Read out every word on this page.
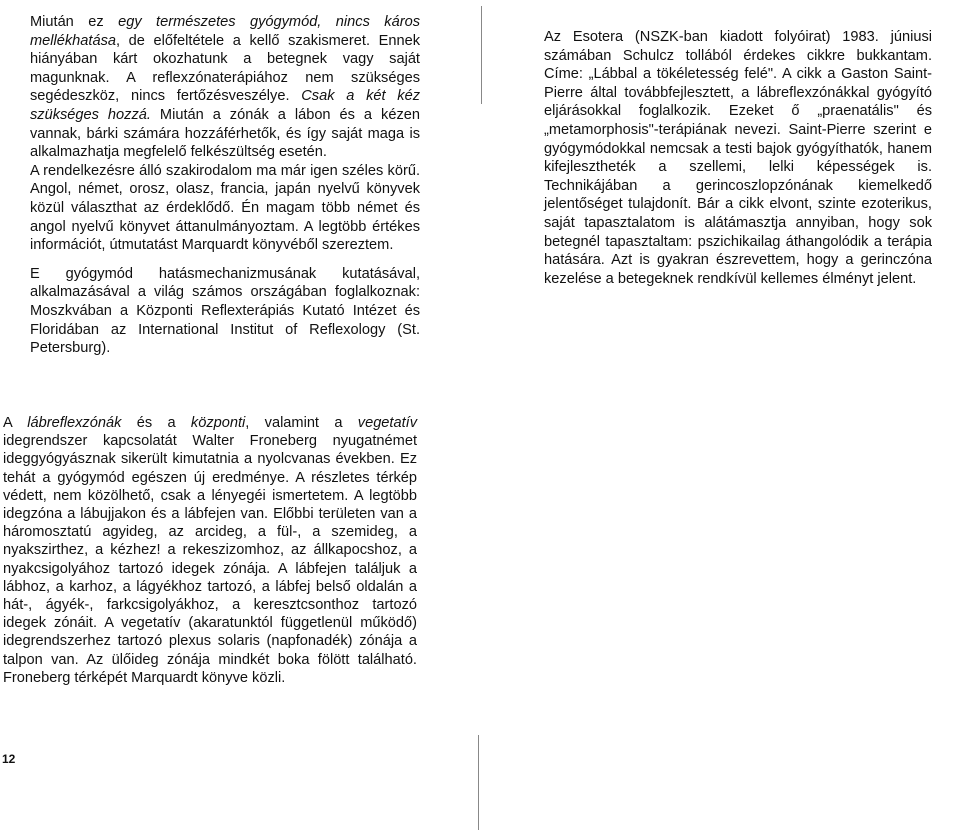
Miután ez egy természetes gyógymód, nincs káros mellékhatása, de előfeltétele a kellő szakismeret. Ennek hiányában kárt okozhatunk a betegnek vagy saját magunknak. A reflexzónaterápiához nem szükséges segédeszköz, nincs fertőzésveszélye. Csak a két kéz szükséges hozzá. Miután a zónák a lábon és a kézen vannak, bárki számára hozzáférhetők, és így saját maga is alkalmazhatja megfelelő felkészültség esetén.

A rendelkezésre álló szakirodalom ma már igen széles körű. Angol, német, orosz, olasz, francia, japán nyelvű könyvek közül választhat az érdeklődő. Én magam több német és angol nyelvű könyvet áttanulmányoztam. A legtöbb értékes információt, útmutatást Marquardt könyvéből szereztem.

E gyógymód hatásmechanizmusának kutatásával, alkalmazásával a világ számos országában foglalkoznak: Moszkvában a Központi Reflexterápiás Kutató Intézet és Floridában az International Institut of Reflexology (St. Petersburg).

Az Esotera (NSZK-ban kiadott folyóirat) 1983. júniusi számában Schulcz tollából érdekes cikkre bukkantam. Címe: „Lábbal a tökéletesség felé". A cikk a Gaston Saint-Pierre által továbbfejlesztett, a lábreflexzónákkal gyógyító eljárásokkal foglalkozik. Ezeket ő „praenatális" és „metamorphosis"-terápiának nevezi. Saint-Pierre szerint e gyógymódokkal nemcsak a testi bajok gyógyíthatók, hanem kifejlesztheték a szellemi, lelki képességek is. Technikájában a gerincoszlopzónának kiemelkedő jelentőséget tulajdonít. Bár a cikk elvont, szinte ezoterikus, saját tapasztalatom is alátámasztja annyiban, hogy sok betegnél tapasztaltam: pszichikailag áthangolódik a terápia hatására. Azt is gyakran észrevettem, hogy a gerinczóna kezelése a betegeknek rendkívül kellemes élményt jelent.

A lábreflexzónák és a központi, valamint a vegetatív idegrendszer kapcsolatát Walter Froneberg nyugatnémet ideggyógyásznak sikerült kimutatnia a nyolcvanas években. Ez tehát a gyógymód egészen új eredménye. A részletes térkép védett, nem közölhető, csak a lényegéi ismertetem. A legtöbb idegzóna a lábujjakon és a lábfejen van. Előbbi területen van a háromosztatú agyideg, az arcideg, a fül-, a szemideg, a nyakszirthez, a kézhez! a rekeszizomhoz, az állkapocshoz, a nyakcsigolyához tartozó idegek zónája. A lábfejen találjuk a lábhoz, a karhoz, a lágyékhoz tartozó, a lábfej belső oldalán a hát-, ágyék-, farkcsigolyákhoz, a keresztcsonthoz tartozó idegek zónáit. A vegetatív (akaratunktól függetlenül működő) idegrendszerhez tartozó plexus solaris (napfonadék) zónája a talpon van. Az ülőideg zónája mindkét boka fölött található. Froneberg térképét Marquardt könyve közli.

12
